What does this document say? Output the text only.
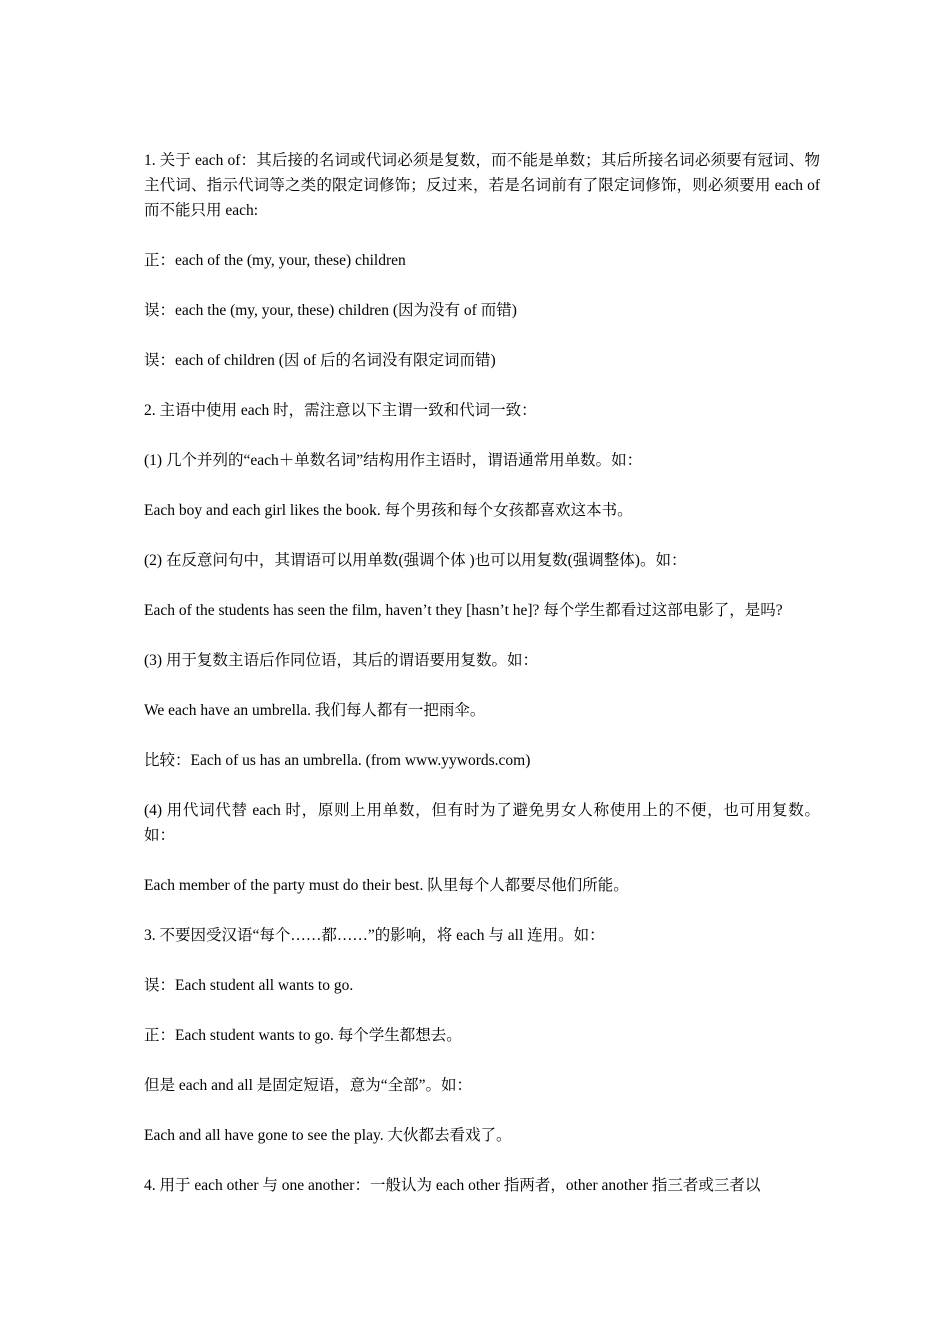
1. 关于 each of：其后接的名词或代词必须是复数，而不能是单数；其后所接名词必须要有冠词、物主代词、指示代词等之类的限定词修饰；反过来，若是名词前有了限定词修饰，则必须要用 each of 而不能只用 each:

正：each of the (my, your, these) children

误：each the (my, your, these) children (因为没有 of 而错)

误：each of children (因 of 后的名词没有限定词而错)

2. 主语中使用 each 时，需注意以下主谓一致和代词一致：

(1) 几个并列的“each＋单数名词”结构用作主语时，谓语通常用单数。如：

Each boy and each girl likes the book. 每个男孩和每个女孩都喜欢这本书。

(2) 在反意问句中，其谓语可以用单数(强调个体 )也可以用复数(强调整体)。如：

Each of the students has seen the film, haven’t they [hasn’t he]? 每个学生都看过这部电影了，是吗?

(3) 用于复数主语后作同位语，其后的谓语要用复数。如：

We each have an umbrella. 我们每人都有一把雨伞。

比较：Each of us has an umbrella. (from www.yywords.com)

(4) 用代词代替 each 时，原则上用单数，但有时为了避免男女人称使用上的不便，也可用复数。如：

Each member of the party must do their best. 队里每个人都要尽他们所能。

3. 不要因受汉语“每个……都……”的影响，将 each 与 all 连用。如：

误：Each student all wants to go.

正：Each student wants to go. 每个学生都想去。

但是 each and all 是固定短语，意为“全部”。如：

Each and all have gone to see the play. 大伙都去看戏了。

4. 用于 each other 与 one another：一般认为 each other 指两者，other another 指三者或三者以
